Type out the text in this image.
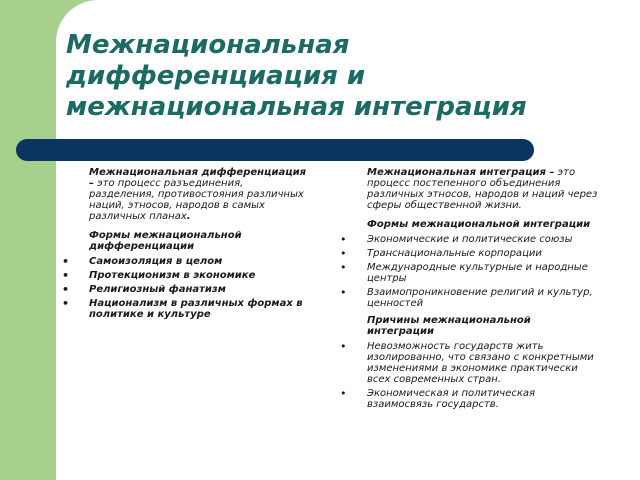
Межнациональная дифференциация и межнациональная интеграция
Межнациональная дифференциация – это процесс разъединения, разделения, противостояния различных наций, этносов, народов в самых различных планах.
Формы межнациональной дифференциации
• Самоизоляция в целом
• Протекционизм в экономике
• Религиозный фанатизм
• Национализм в различных формах в политике и культуре
Межнациональная интеграция – это процесс постепенного объединения различных этносов, народов и наций через сферы общественной жизни.
Формы межнациональной интеграции
• Экономические и политические союзы
• Транснациональные корпорации
• Международные культурные и народные центры
• Взаимопроникновение религий и культур, ценностей
Причины межнациональной интеграции
• Невозможность государств жить изолированно, что связано с конкретными изменениями в экономике практически всех современных стран.
• Экономическая и политическая взаимосвязь государств.
